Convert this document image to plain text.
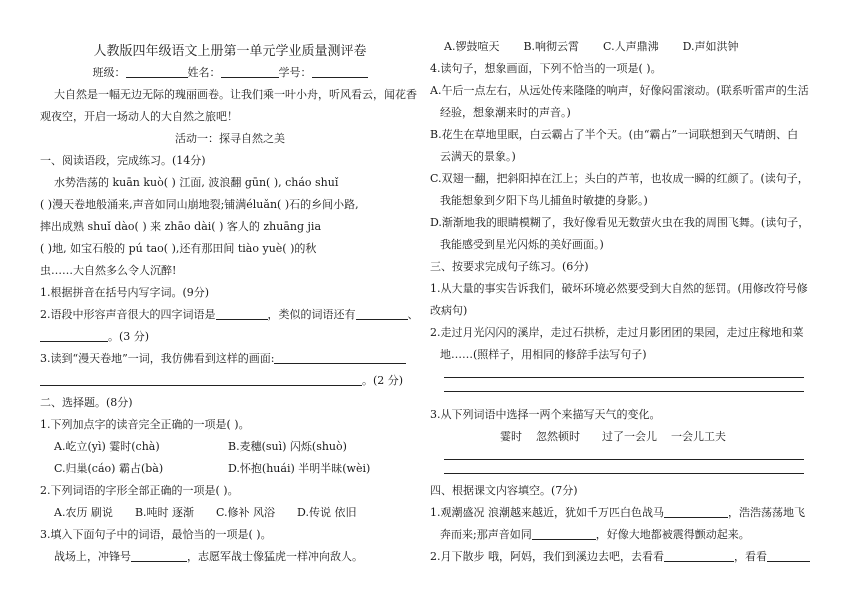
人教版四年级语文上册第一单元学业质量测评卷
班级：	姓名：	学号：
大自然是一幅无边无际的瑰丽画卷。让我们乘一叶小舟，听风看云，闻花香
观夜空，开启一场动人的大自然之旅吧！
活动一：探寻自然之美
一、阅读语段，完成练习。(14分)
水势浩荡的 kuān kuò( ) 江面, 波浪翻 gūn( ), cháo shuǐ
( )漫天卷地般涌来,声音如同山崩地裂;铺满éluǎn( )石的乡间小路,
摔出成熟 shuǐ dào( ) 来 zhāo dài( ) 客人的 zhuāng jia
( )地, 如宝石般的 pú tao( ),还有那田间 tiào yuè( )的秋
虫……大自然多么令人沉醉!
1.根据拼音在括号内写字词。(9分)
2.语段中形容声音很大的四字词语是	，类似的词语还有	、
。(3 分)
3.读到“漫天卷地”一词，我仿佛看到这样的画面:
。(2 分)
二、选择题。(8分)
1.下列加点字的读音完全正确的一项是( )。
A.屹立(yì) 霎时(chà)	B.麦穗(suì) 闪烁(shuò)
C.归巢(cáo) 霸占(bà)	D.怀抱(huái) 半明半昧(wèi)
2.下列词语的字形全部正确的一项是( )。
A.农历 刷说 B.吨时 逐渐 C.修补 风浴 D.传说 依旧
3.填入下面句子中的词语，最恰当的一项是( )。
战场上，冲锋号	，志愿军战士像猛虎一样冲向敌人。
A.锣鼓喧天 B.响彻云霄 C.人声鼎沸 D.声如洪钟
4.读句子，想象画面，下列不恰当的一项是( )。
A.午后一点左右，从远处传来隆隆的响声，好像闷雷滚动。(联系听雷声的生活
经验，想象潮来时的声音。)
B.花生在草地里眠，白云霸占了半个天。(由“霸占”一词联想到天气晴朗、白
云满天的景象。)
C.双翅一翻，把斜阳掉在江上；头白的芦苇，也妆成一瞬的红颜了。(读句子，
我能想象到夕阳下鸟儿捕鱼时敏捷的身影。)
D.渐渐地我的眼睛模糊了，我好像看见无数萤火虫在我的周围飞舞。(读句子，
我能感受到星光闪烁的美好画面。)
三、按要求完成句子练习。(6分)
1.从大量的事实告诉我们，破坏环境必然要受到大自然的惩罚。(用修改符号修
改病句)
2.走过月光闪闪的溪岸，走过石拱桥，走过月影团团的果园，走过庄稼地和菜
地……(照样子，用相同的修辞手法写句子)
3.从下列词语中选择一两个来描写天气的变化。
霎时 忽然顿时 过了一会儿 一会儿工夫
四、根据课文内容填空。(7分)
1.观潮盛况 浪潮越来越近，犹如千万匹白色战马	，浩浩荡荡地飞
奔而来;那声音如同	，好像大地都被震得颤动起来。
2.月下散步 哦，阿妈，我们到溪边去吧，去看看	，看看
